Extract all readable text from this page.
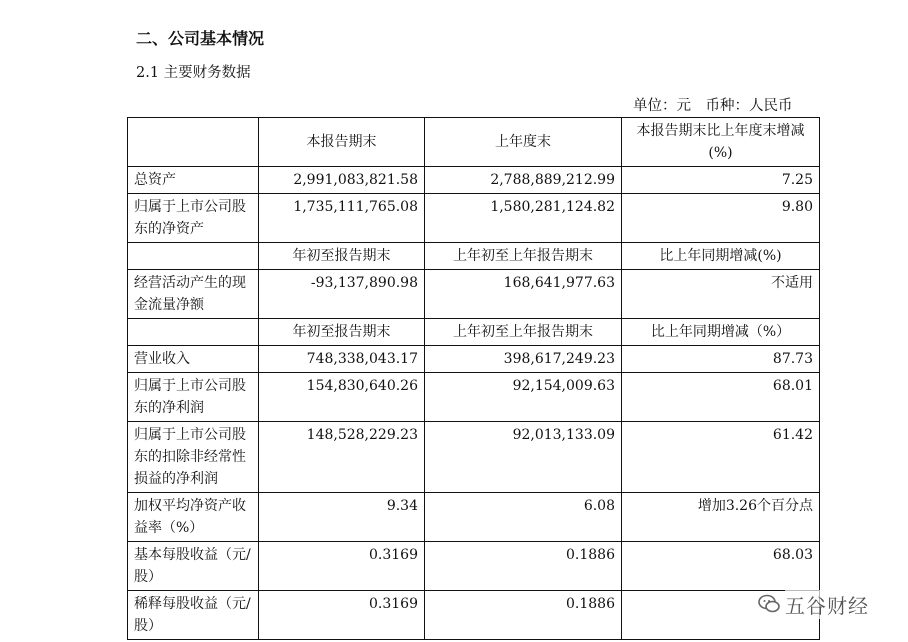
二、公司基本情况
2.1 主要财务数据
单位：元　币种：人民币
	本报告期末	上年度末	本报告期末比上年度末增减(%)
总资产	2,991,083,821.58	2,788,889,212.99	7.25
归属于上市公司股东的净资产	1,735,111,765.08	1,580,281,124.82	9.80
	年初至报告期末	上年初至上年报告期末	比上年同期增减(%)
经营活动产生的现金流量净额	-93,137,890.98	168,641,977.63	不适用
	年初至报告期末	上年初至上年报告期末	比上年同期增减（%）
营业收入	748,338,043.17	398,617,249.23	87.73
归属于上市公司股东的净利润	154,830,640.26	92,154,009.63	68.01
归属于上市公司股东的扣除非经常性损益的净利润	148,528,229.23	92,013,133.09	61.42
加权平均净资产收益率（%）	9.34	6.08	增加3.26个百分点
基本每股收益（元/股）	0.3169	0.1886	68.03
稀释每股收益（元/股）	0.3169	0.1886		五谷财经
